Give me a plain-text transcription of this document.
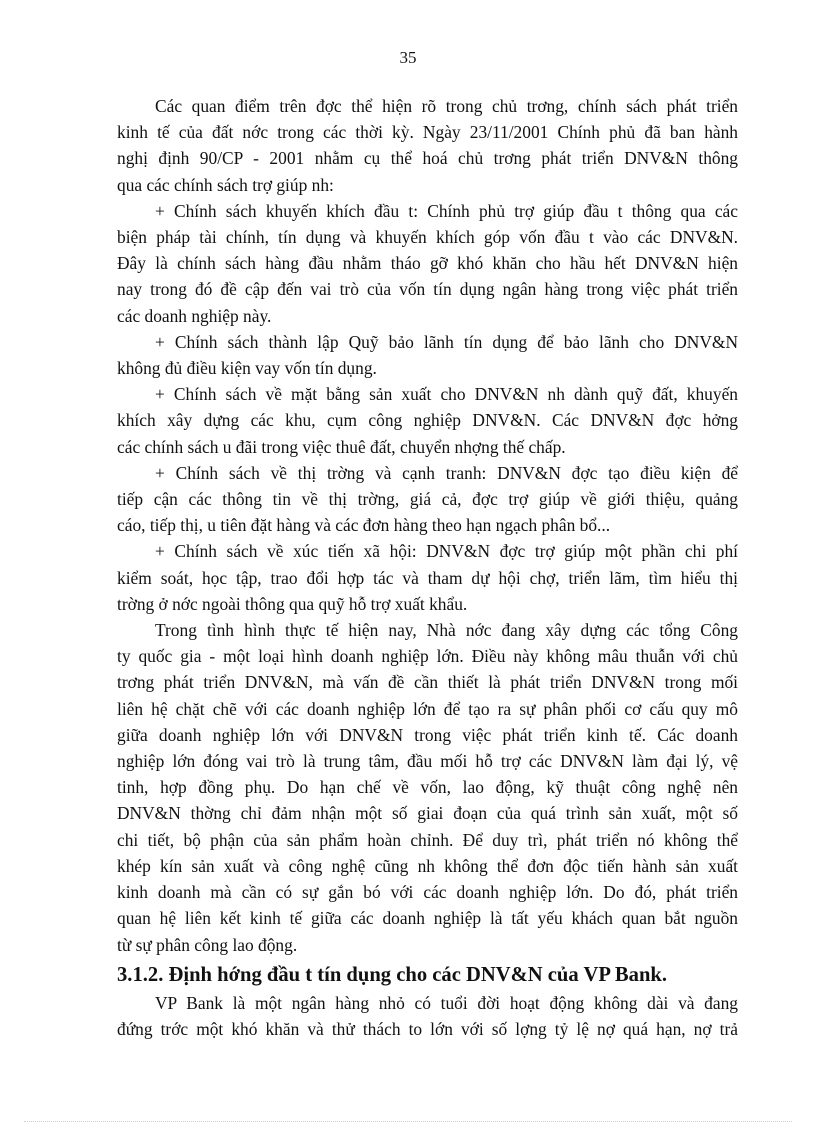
35

Các quan điểm trên đợc thể hiện rõ trong chủ trơng, chính sách phát triển
kinh tế của đất nớc trong các thời kỳ. Ngày 23/11/2001 Chính phủ đã ban hành
nghị định 90/CP - 2001 nhằm cụ thể hoá chủ trơng phát triển DNV&N thông
qua các chính sách trợ giúp nh:

+ Chính sách khuyến khích đầu t: Chính phủ trợ giúp đầu t thông qua các
biện pháp tài chính, tín dụng và khuyến khích góp vốn đầu t vào các DNV&N.
Đây là chính sách hàng đầu nhằm tháo gỡ khó khăn cho hầu hết DNV&N hiện
nay trong đó đề cập đến vai trò của vốn tín dụng ngân hàng trong việc phát triển
các doanh nghiệp này.

+ Chính sách thành lập Quỹ bảo lãnh tín dụng để bảo lãnh cho DNV&N
không đủ điều kiện vay vốn tín dụng.

+ Chính sách về mặt bằng sản xuất cho DNV&N nh dành quỹ đất, khuyến
khích xây dựng các khu, cụm công nghiệp DNV&N. Các DNV&N đợc hởng
các chính sách u đãi trong việc thuê đất, chuyển nhợng thế chấp.

+ Chính sách về thị trờng và cạnh tranh: DNV&N đợc tạo điều kiện để
tiếp cận các thông tin về thị trờng, giá cả, đợc trợ giúp về giới thiệu, quảng
cáo, tiếp thị, u tiên đặt hàng và các đơn hàng theo hạn ngạch phân bổ...

+ Chính sách về xúc tiến xã hội: DNV&N đợc trợ giúp một phần chi phí
kiểm soát, học tập, trao đổi hợp tác và tham dự hội chợ, triển lãm, tìm hiểu thị
trờng ở nớc ngoài thông qua quỹ hỗ trợ xuất khẩu.

Trong tình hình thực tế hiện nay, Nhà nớc đang xây dựng các tổng Công
ty quốc gia - một loại hình doanh nghiệp lớn. Điều này không mâu thuẫn với chủ
trơng phát triển DNV&N, mà vấn đề cần thiết là phát triển DNV&N trong mối
liên hệ chặt chẽ với các doanh nghiệp lớn để tạo ra sự phân phối cơ cấu quy mô
giữa doanh nghiệp lớn với DNV&N trong việc phát triển kinh tế. Các doanh
nghiệp lớn đóng vai trò là trung tâm, đầu mối hỗ trợ các DNV&N làm đại lý, vệ
tinh, hợp đồng phụ. Do hạn chế về vốn, lao động, kỹ thuật công nghệ nên
DNV&N thờng chỉ đảm nhận một số giai đoạn của quá trình sản xuất, một số
chi tiết, bộ phận của sản phẩm hoàn chỉnh. Để duy trì, phát triển nó không thể
khép kín sản xuất và công nghệ cũng nh không thể đơn độc tiến hành sản xuất
kinh doanh mà cần có sự gắn bó với các doanh nghiệp lớn. Do đó, phát triển
quan hệ liên kết kinh tế giữa các doanh nghiệp là tất yếu khách quan bắt nguồn
từ sự phân công lao động.

3.1.2. Định hớng đầu t tín dụng cho các DNV&N của VP Bank.

VP Bank là một ngân hàng nhỏ có tuổi đời hoạt động không dài và đang
đứng trớc một khó khăn và thử thách to lớn với số lợng tỷ lệ nợ quá hạn, nợ trả
